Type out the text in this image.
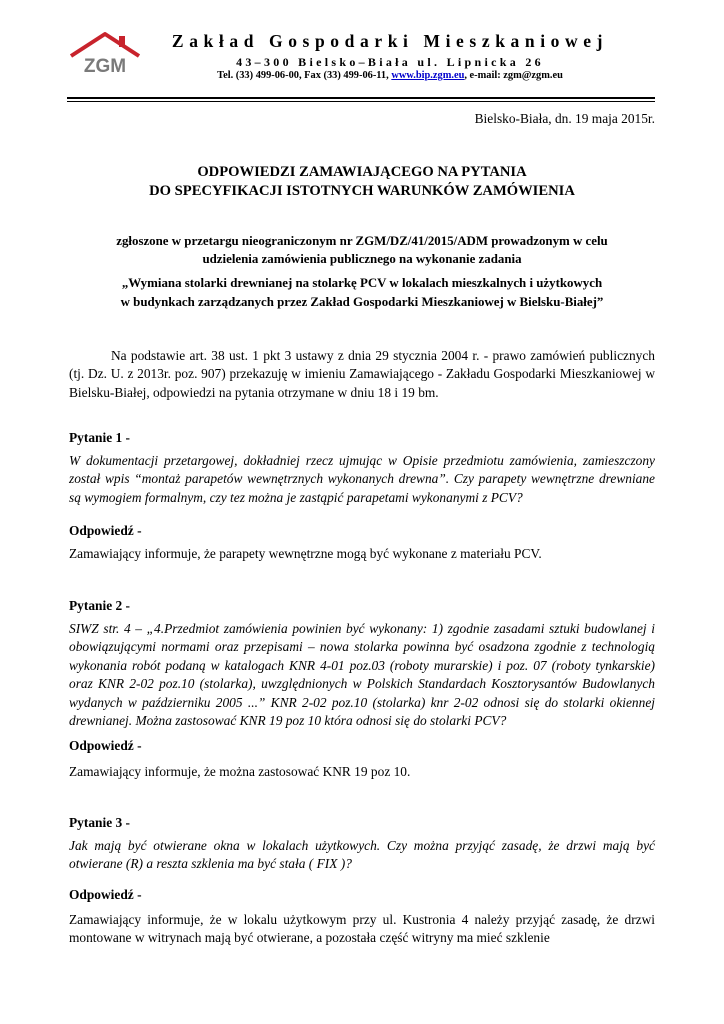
ZGM
Zakład Gospodarki Mieszkaniowej
43–300 Bielsko–Biała ul. Lipnicka 26
Tel. (33) 499-06-00, Fax (33) 499-06-11, www.bip.zgm.eu, e-mail: zgm@zgm.eu
Bielsko-Biała, dn. 19 maja 2015r.
ODPOWIEDZI ZAMAWIAJĄCEGO NA PYTANIA
DO SPECYFIKACJI ISTOTNYCH WARUNKÓW ZAMÓWIENIA
zgłoszone w przetargu nieograniczonym nr ZGM/DZ/41/2015/ADM prowadzonym w celu
udzielenia zamówienia publicznego na wykonanie zadania
„Wymiana stolarki drewnianej na stolarkę PCV w lokalach mieszkalnych i użytkowych
w budynkach zarządzanych przez Zakład Gospodarki Mieszkaniowej w Bielsku-Białej”
Na podstawie art. 38 ust. 1 pkt 3 ustawy z dnia 29 stycznia 2004 r. - prawo zamówień publicznych (tj. Dz. U. z 2013r. poz. 907) przekazuję w imieniu Zamawiającego - Zakładu Gospodarki Mieszkaniowej w Bielsku-Białej, odpowiedzi na pytania otrzymane w dniu 18 i 19 bm.
Pytanie 1 -
W dokumentacji przetargowej, dokładniej rzecz ujmując w Opisie przedmiotu zamówienia, zamieszczony został wpis “montaż parapetów wewnętrznych wykonanych drewna”. Czy parapety wewnętrzne drewniane są wymogiem formalnym, czy tez można je zastąpić parapetami wykonanymi z PCV?
Odpowiedź -
Zamawiający informuje, że parapety wewnętrzne mogą być wykonane z materiału PCV.
Pytanie 2 -
SIWZ str. 4 – „4.Przedmiot zamówienia powinien być wykonany: 1) zgodnie zasadami sztuki budowlanej i obowiązującymi normami oraz przepisami – nowa stolarka powinna być osadzona zgodnie z technologią wykonania robót podaną w katalogach KNR 4-01 poz.03 (roboty murarskie) i poz. 07 (roboty tynkarskie) oraz KNR 2-02 poz.10 (stolarka), uwzględnionych w Polskich Standardach Kosztorysantów Budowlanych wydanych w październiku 2005 ...” KNR 2-02 poz.10 (stolarka) knr 2-02 odnosi się do stolarki okiennej drewnianej. Można zastosować KNR 19 poz 10 która odnosi się do stolarki PCV?
Odpowiedź -
Zamawiający informuje, że można zastosować KNR 19 poz 10.
Pytanie 3 -
Jak mają być otwierane okna w lokalach użytkowych. Czy można przyjąć zasadę, że drzwi mają być otwierane (R) a reszta szklenia ma być stała ( FIX )?
Odpowiedź -
Zamawiający informuje, że w lokalu użytkowym przy ul. Kustronia 4 należy przyjąć zasadę, że drzwi montowane w witrynach mają być otwierane, a pozostała część witryny ma mieć szklenie
